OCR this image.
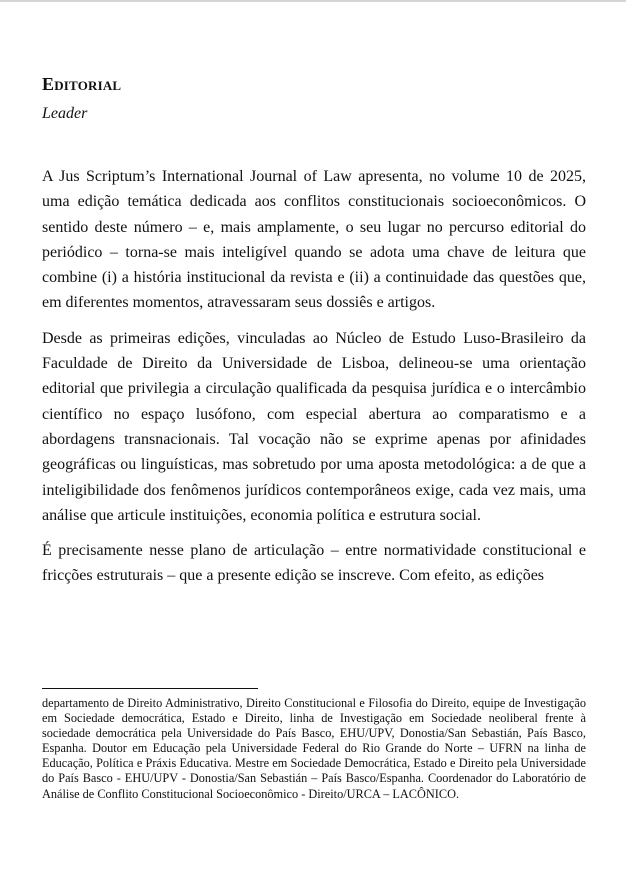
Editorial

Leader

A Jus Scriptum’s International Journal of Law apresenta, no volume 10 de 2025, uma edição temática dedicada aos conflitos constitucionais socioeconômicos. O sentido deste número – e, mais amplamente, o seu lugar no percurso editorial do periódico – torna-se mais inteligível quando se adota uma chave de leitura que combine (i) a história institucional da revista e (ii) a continuidade das questões que, em diferentes momentos, atravessaram seus dossiês e artigos.

Desde as primeiras edições, vinculadas ao Núcleo de Estudo Luso-Brasileiro da Faculdade de Direito da Universidade de Lisboa, delineou-se uma orientação editorial que privilegia a circulação qualificada da pesquisa jurídica e o intercâmbio científico no espaço lusófono, com especial abertura ao comparatismo e a abordagens transnacionais. Tal vocação não se exprime apenas por afinidades geográficas ou linguísticas, mas sobretudo por uma aposta metodológica: a de que a inteligibilidade dos fenômenos jurídicos contemporâneos exige, cada vez mais, uma análise que articule instituições, economia política e estrutura social.

É precisamente nesse plano de articulação – entre normatividade constitucional e fricções estruturais – que a presente edição se inscreve. Com efeito, as edições

departamento de Direito Administrativo, Direito Constitucional e Filosofia do Direito, equipe de Investigação em Sociedade democrática, Estado e Direito, linha de Investigação em Sociedade neoliberal frente à sociedade democrática pela Universidade do País Basco, EHU/UPV, Donostia/San Sebastián, País Basco, Espanha. Doutor em Educação pela Universidade Federal do Rio Grande do Norte – UFRN na linha de Educação, Política e Práxis Educativa. Mestre em Sociedade Democrática, Estado e Direito pela Universidade do País Basco - EHU/UPV - Donostia/San Sebastián – País Basco/Espanha. Coordenador do Laboratório de Análise de Conflito Constitucional Socioeconômico - Direito/URCA – LACÔNICO.
